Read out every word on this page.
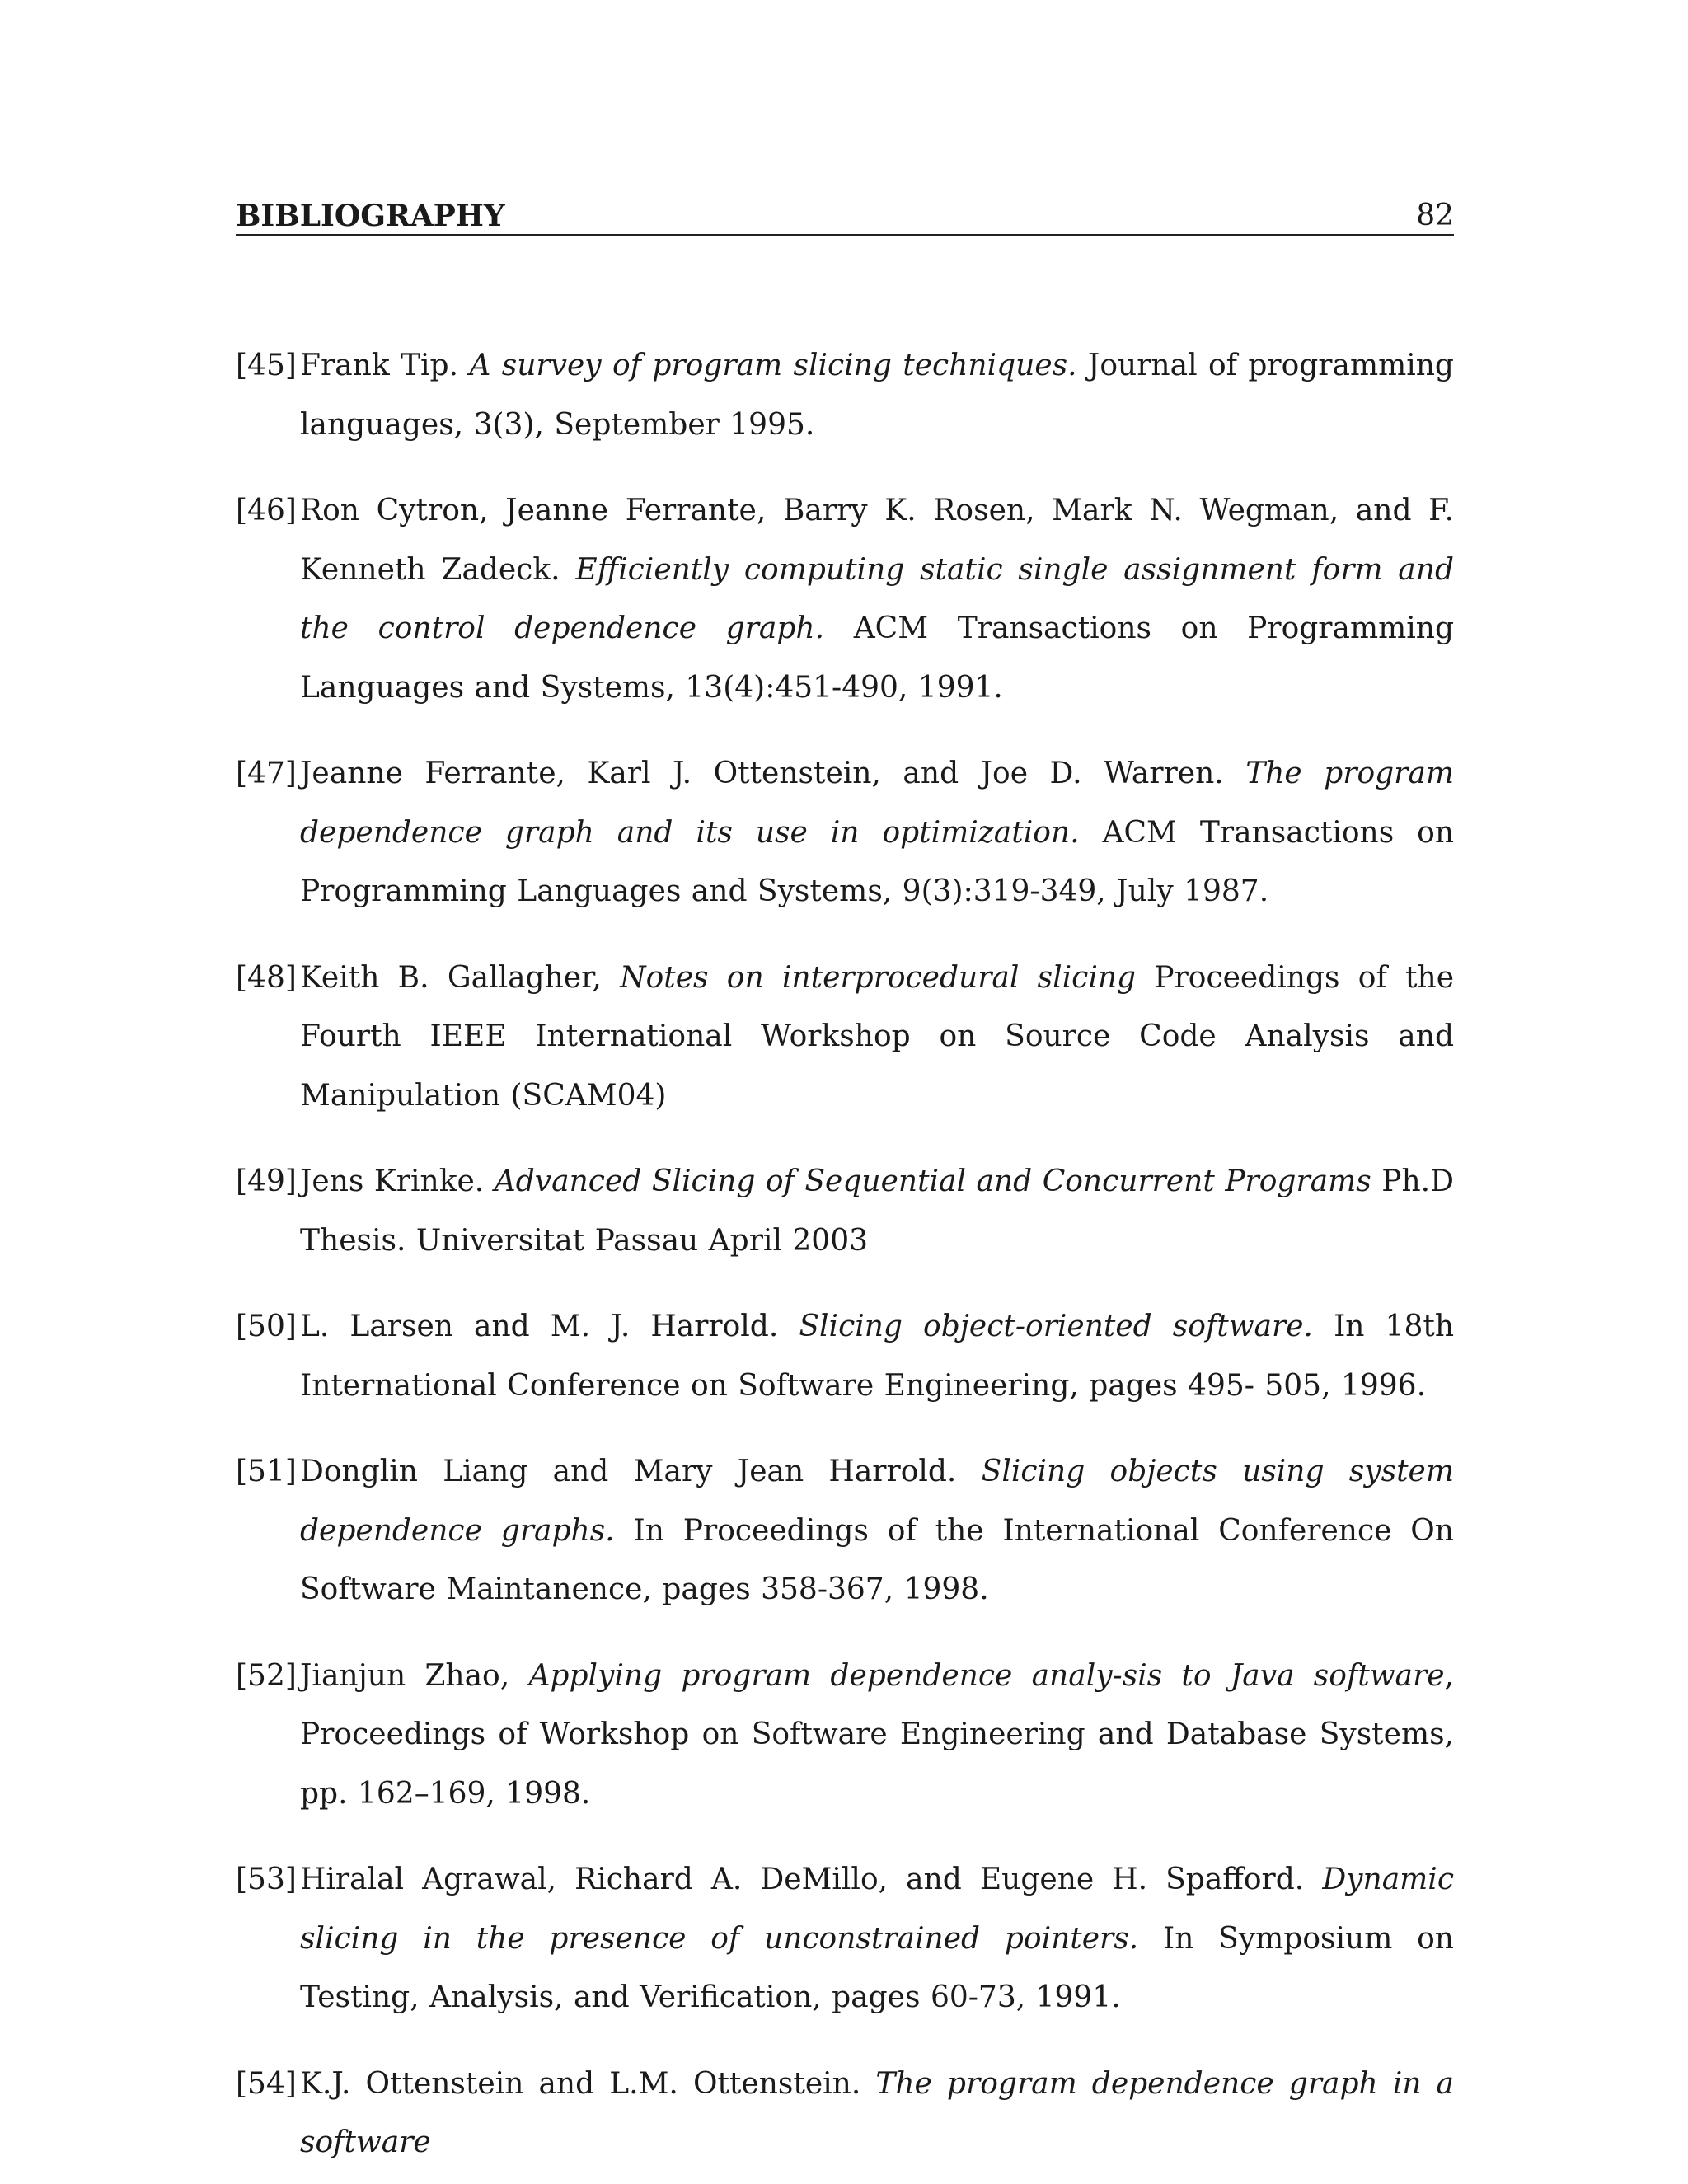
BIBLIOGRAPHY	82
[45] Frank Tip. A survey of program slicing techniques. Journal of programming languages, 3(3), September 1995.
[46] Ron Cytron, Jeanne Ferrante, Barry K. Rosen, Mark N. Wegman, and F. Kenneth Zadeck. Efficiently computing static single assignment form and the control dependence graph. ACM Transactions on Programming Languages and Systems, 13(4):451-490, 1991.
[47] Jeanne Ferrante, Karl J. Ottenstein, and Joe D. Warren. The program dependence graph and its use in optimization. ACM Transactions on Programming Languages and Systems, 9(3):319-349, July 1987.
[48] Keith B. Gallagher, Notes on interprocedural slicing Proceedings of the Fourth IEEE International Workshop on Source Code Analysis and Manipulation (SCAM04)
[49] Jens Krinke. Advanced Slicing of Sequential and Concurrent Programs Ph.D Thesis. Universitat Passau April 2003
[50] L. Larsen and M. J. Harrold. Slicing object-oriented software. In 18th International Conference on Software Engineering, pages 495- 505, 1996.
[51] Donglin Liang and Mary Jean Harrold. Slicing objects using system dependence graphs. In Proceedings of the International Conference On Software Maintanence, pages 358-367, 1998.
[52] Jianjun Zhao, Applying program dependence analy-sis to Java software, Proceedings of Workshop on Software Engineering and Database Systems, pp. 162–169, 1998.
[53] Hiralal Agrawal, Richard A. DeMillo, and Eugene H. Spafford. Dynamic slicing in the presence of unconstrained pointers. In Symposium on Testing, Analysis, and Verification, pages 60-73, 1991.
[54] K.J. Ottenstein and L.M. Ottenstein. The program dependence graph in a software
